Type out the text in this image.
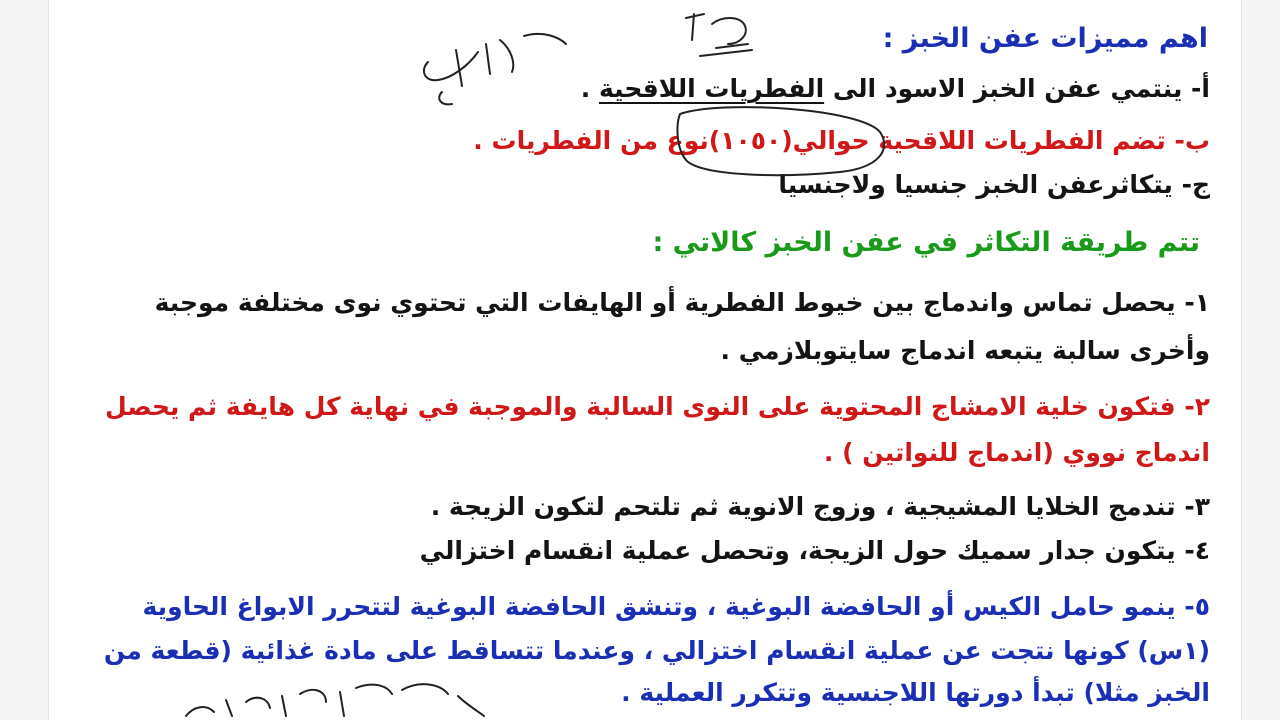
اهم مميزات عفن الخبز :
أ- ينتمي عفن الخبز الاسود الى الفطريات اللاقحية .
ب- تضم الفطريات اللاقحية حوالي(١٠٥٠)نوع من الفطريات .
ج- يتكاثرعفن الخبز جنسيا ولاجنسيا
تتم طريقة التكاثر في عفن الخبز كالاتي :
١- يحصل تماس واندماج بين خيوط الفطرية أو الهايفات التي تحتوي نوى مختلفة موجبة
وأخرى سالبة يتبعه اندماج سايتوبلازمي .
٢- فتكون خلية الامشاج المحتوية على النوى السالبة والموجبة في نهاية كل هايفة ثم يحصل
اندماج نووي (اندماج للنواتين ) .
٣- تندمج الخلايا المشيجية ، وزوج الانوية ثم تلتحم لتكون الزيجة .
٤- يتكون جدار سميك حول الزيجة، وتحصل عملية انقسام اختزالي
٥- ينمو حامل الكيس أو الحافضة البوغية ، وتنشق الحافضة البوغية لتتحرر الابواغ الحاوية
(١س) كونها نتجت عن عملية انقسام اختزالي ، وعندما تتساقط على مادة غذائية (قطعة من
الخبز مثلا) تبدأ دورتها اللاجنسية وتتكرر العملية .
